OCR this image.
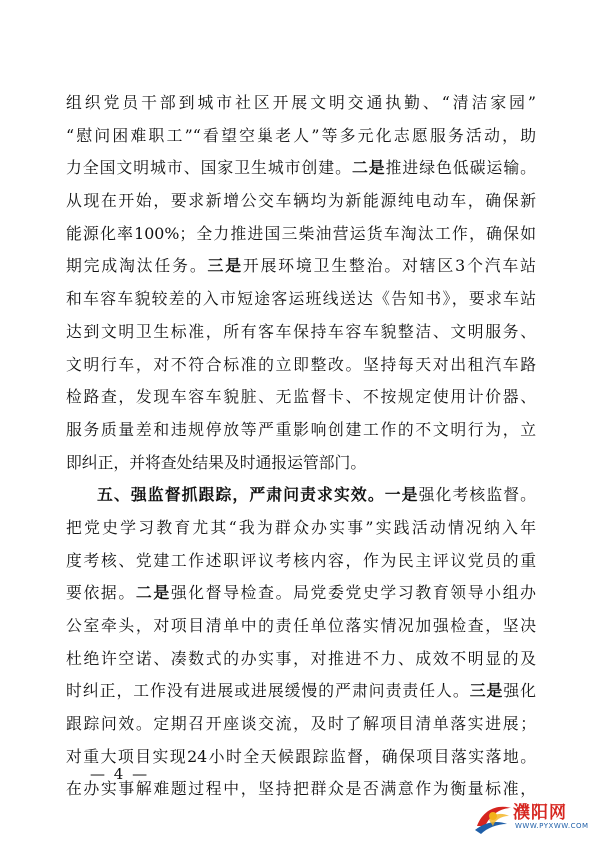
组织党员干部到城市社区开展文明交通执勤、“清洁家园”
“慰问困难职工”“看望空巢老人”等多元化志愿服务活动，助
力全国文明城市、国家卫生城市创建。二是推进绿色低碳运输。
从现在开始，要求新增公交车辆均为新能源纯电动车，确保新
能源化率100%；全力推进国三柴油营运货车淘汰工作，确保如
期完成淘汰任务。三是开展环境卫生整治。对辖区3个汽车站
和车容车貌较差的入市短途客运班线送达《告知书》，要求车站
达到文明卫生标准，所有客车保持车容车貌整洁、文明服务、
文明行车，对不符合标准的立即整改。坚持每天对出租汽车路
检路查，发现车容车貌脏、无监督卡、不按规定使用计价器、
服务质量差和违规停放等严重影响创建工作的不文明行为，立
即纠正，并将查处结果及时通报运管部门。
五、强监督抓跟踪，严肃问责求实效。一是强化考核监督。
把党史学习教育尤其“我为群众办实事”实践活动情况纳入年
度考核、党建工作述职评议考核内容，作为民主评议党员的重
要依据。二是强化督导检查。局党委党史学习教育领导小组办
公室牵头，对项目清单中的责任单位落实情况加强检查，坚决
杜绝许空诺、凑数式的办实事，对推进不力、成效不明显的及
时纠正，工作没有进展或进展缓慢的严肃问责责任人。三是强化
跟踪问效。定期召开座谈交流，及时了解项目清单落实进展；
对重大项目实现24小时全天候跟踪监督，确保项目落实落地。
在办实事解难题过程中，坚持把群众是否满意作为衡量标准，
— 4 —
濮阳网
WWW.PYXWW.COM
